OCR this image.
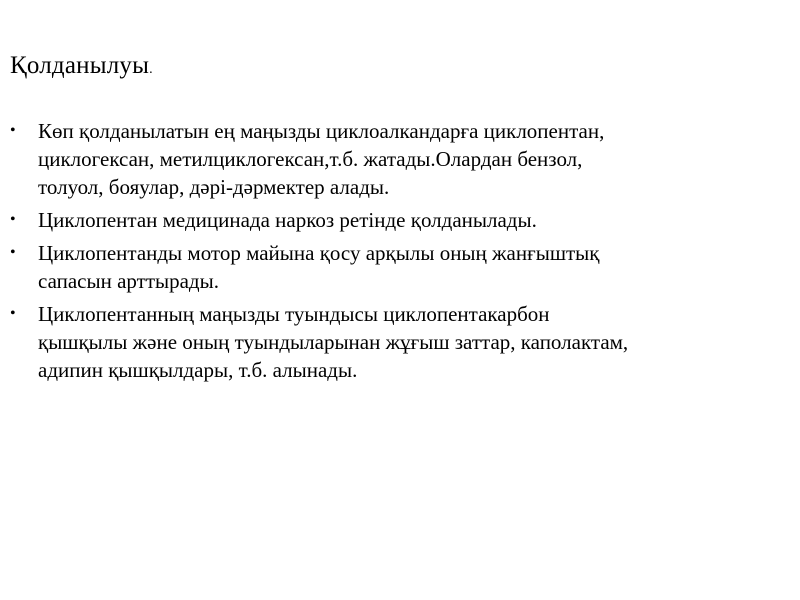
Қолданылуы.
• Көп қолданылатын ең маңызды циклоалкандарға циклопентан,
циклогексан, метилциклогексан,т.б. жатады.Олардан бензол,
толуол, бояулар, дәрі-дәрмектер алады.
• Циклопентан медицинада наркоз ретінде қолданылады.
• Циклопентанды мотор майына қосу арқылы оның жанғыштық
сапасын арттырады.
• Циклопентанның маңызды туындысы циклопентакарбон
қышқылы және оның туындыларынан жұғыш заттар, каполактам,
адипин қышқылдары, т.б. алынады.
